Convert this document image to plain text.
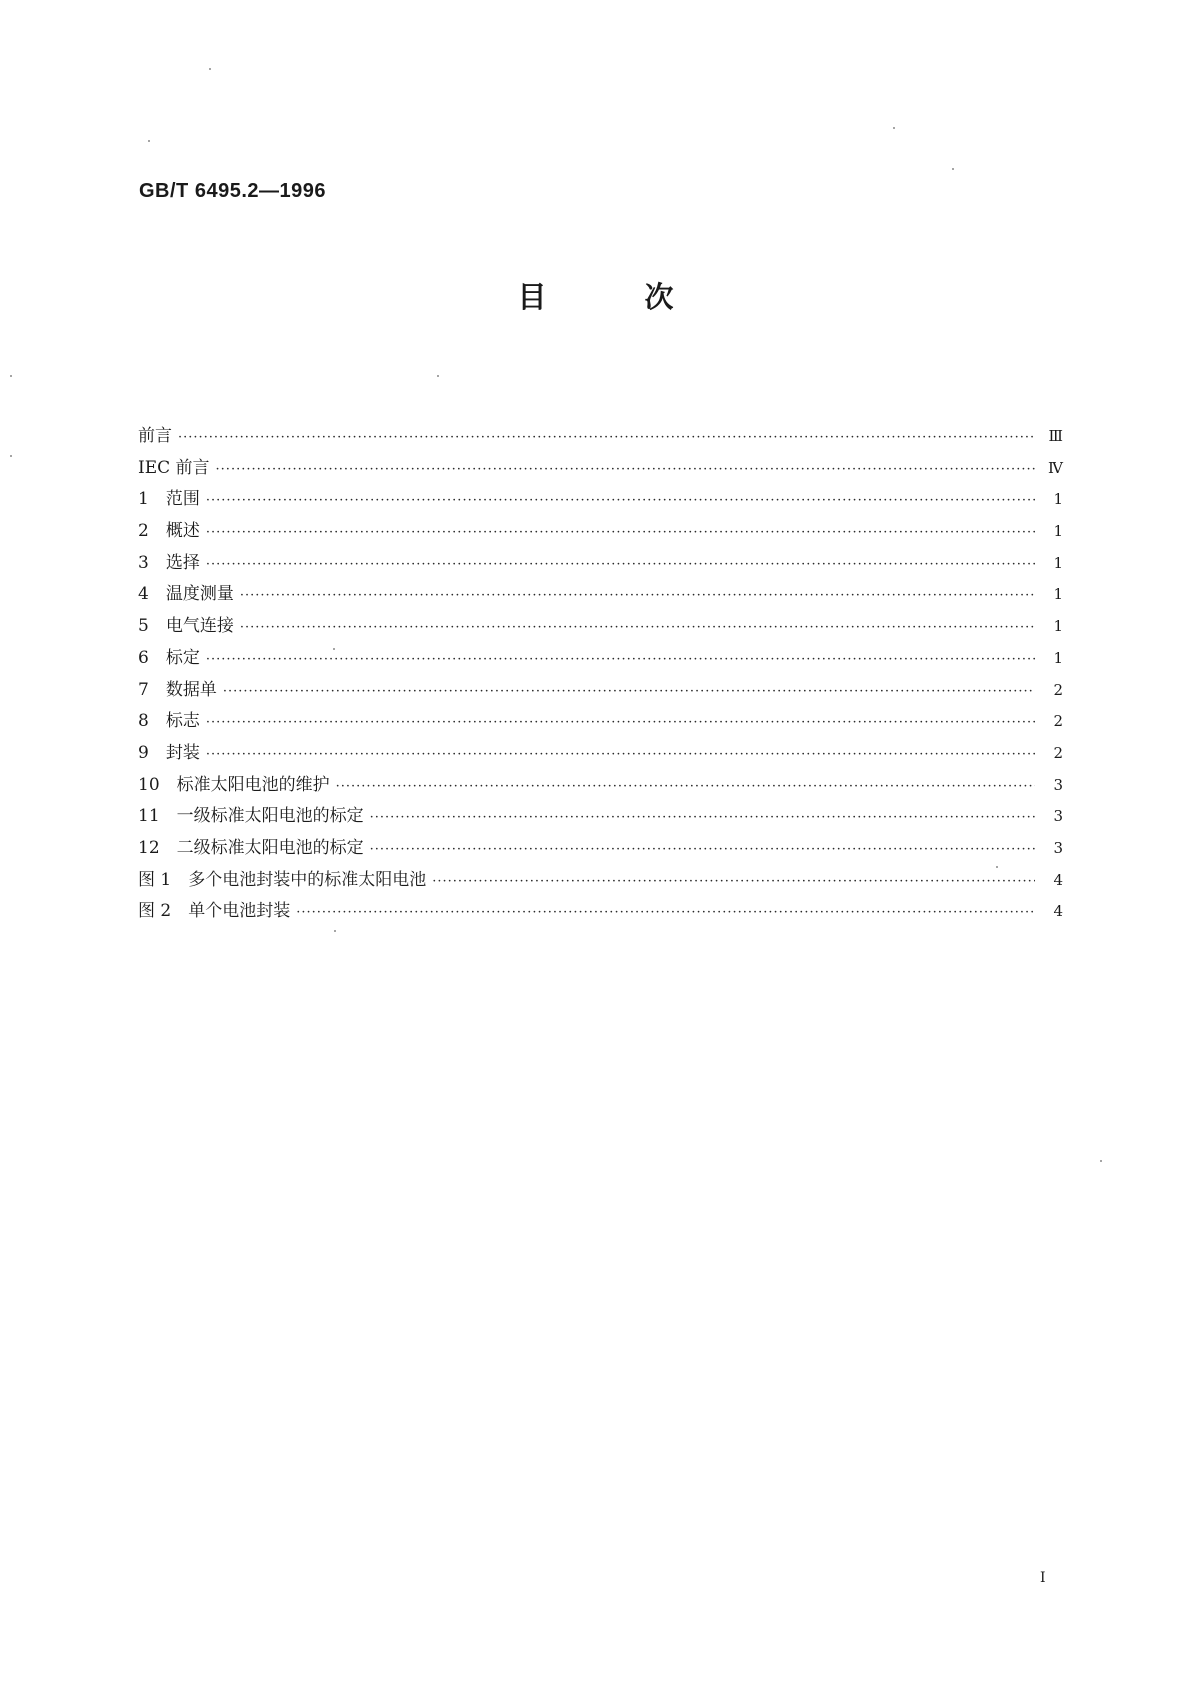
GB/T 6495.2—1996
目次
前言 ·····	Ⅲ
IEC 前言 ·····	Ⅳ
1　范围 ·····	1
2　概述 ·····	1
3　选择 ·····	1
4　温度测量 ·····	1
5　电气连接 ·····	1
6　标定 ·····	1
7　数据单 ·····	2
8　标志 ·····	2
9　封装 ·····	2
10　标准太阳电池的维护 ·····	3
11　一级标准太阳电池的标定 ·····	3
12　二级标准太阳电池的标定 ·····	3
图 1　多个电池封装中的标准太阳电池 ·····	4
图 2　单个电池封装 ·····	4
I
